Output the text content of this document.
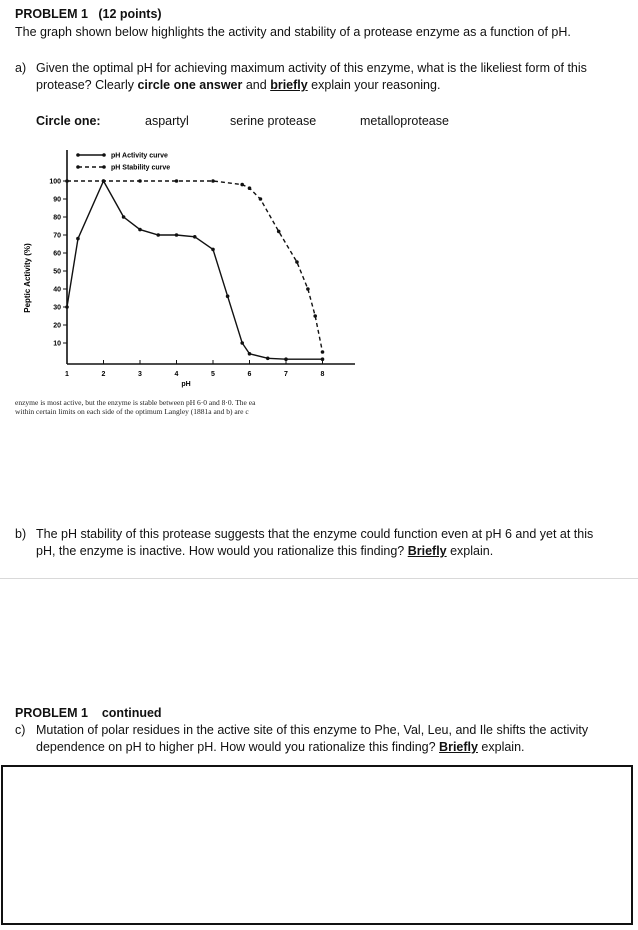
PROBLEM 1 (12 points)
The graph shown below highlights the activity and stability of a protease enzyme as a function of pH.
a) Given the optimal pH for achieving maximum activity of this enzyme, what is the likeliest form of this
protease? Clearly circle one answer and briefly explain your reasoning.
Circle one:	aspartyl	serine protease	metalloprotease
100
90
80
70
60
50
40
30
20
10
1	2	3	4	5	6	7	8
pH Activity curve
pH Stability curve
pH
Peptic Activity (%)
enzyme is most active, but the enzyme is stable between pH 6·0 and 8·0. The ea
within certain limits on each side of the optimum Langley (1881a and b) are c
b) The pH stability of this protease suggests that the enzyme could function even at pH 6 and yet at this
pH, the enzyme is inactive. How would you rationalize this finding? Briefly explain.
PROBLEM 1 continued
c) Mutation of polar residues in the active site of this enzyme to Phe, Val, Leu, and Ile shifts the activity
dependence on pH to higher pH. How would you rationalize this finding? Briefly explain.
